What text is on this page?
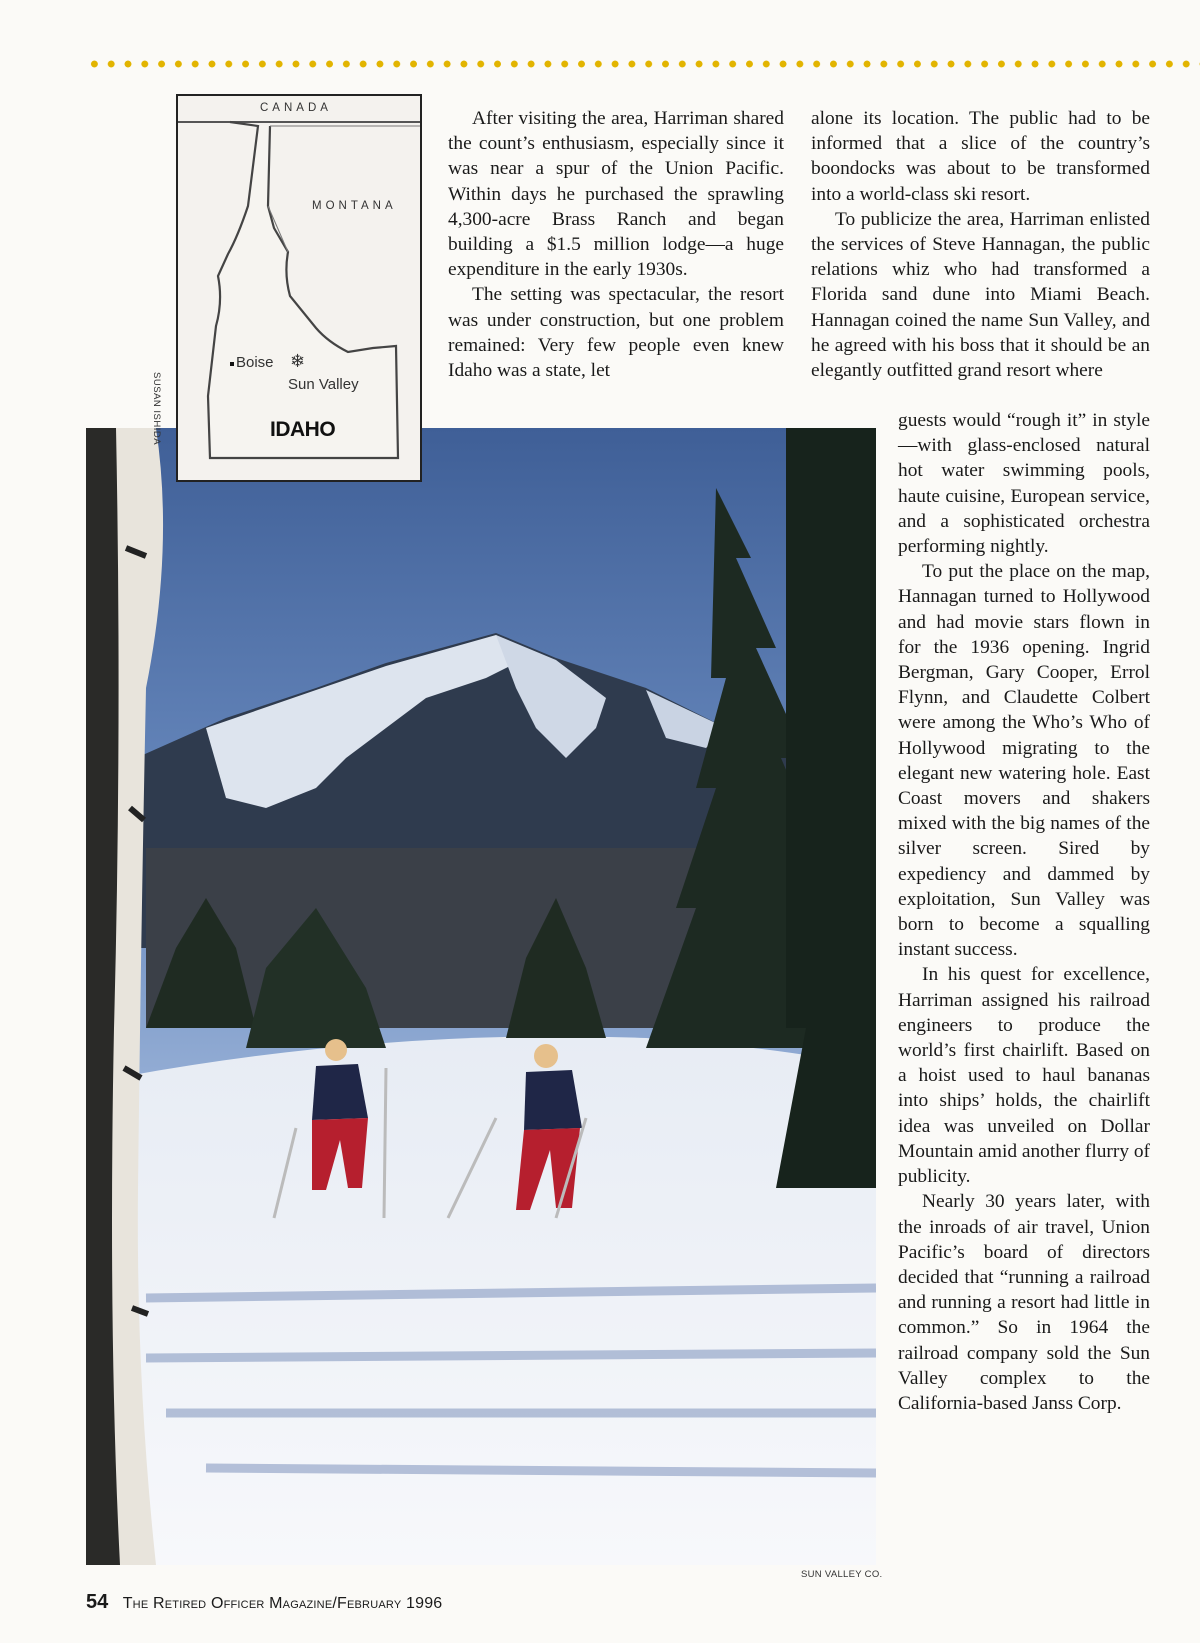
CANADA
MONTANA
Boise ❄
Sun Valley
IDAHO
SUSAN ISHIDA

After visiting the area, Harriman shared the count’s enthusiasm, especially since it was near a spur of the Union Pacific. Within days he purchased the sprawling 4,300-acre Brass Ranch and began building a $1.5 million lodge—a huge expenditure in the early 1930s.

The setting was spectacular, the resort was under construction, but one problem remained: Very few people even knew Idaho was a state, let

alone its location. The public had to be informed that a slice of the country’s boondocks was about to be transformed into a world-class ski resort.

To publicize the area, Harriman enlisted the services of Steve Hannagan, the public relations whiz who had transformed a Florida sand dune into Miami Beach. Hannagan coined the name Sun Valley, and he agreed with his boss that it should be an elegantly outfitted grand resort where

guests would “rough it” in style—with glass-enclosed natural hot water swimming pools, haute cuisine, European service, and a sophisticated orchestra performing nightly.

To put the place on the map, Hannagan turned to Hollywood and had movie stars flown in for the 1936 opening. Ingrid Bergman, Gary Cooper, Errol Flynn, and Claudette Colbert were among the Who’s Who of Hollywood migrating to the elegant new watering hole. East Coast movers and shakers mixed with the big names of the silver screen. Sired by expediency and dammed by exploitation, Sun Valley was born to become a squalling instant success.

In his quest for excellence, Harriman assigned his railroad engineers to produce the world’s first chairlift. Based on a hoist used to haul bananas into ships’ holds, the chairlift idea was unveiled on Dollar Mountain amid another flurry of publicity.

Nearly 30 years later, with the inroads of air travel, Union Pacific’s board of directors decided that “running a railroad and running a resort had little in common.” So in 1964 the railroad company sold the Sun Valley complex to the California-based Janss Corp.

SUN VALLEY CO.
54 The Retired Officer Magazine/February 1996
